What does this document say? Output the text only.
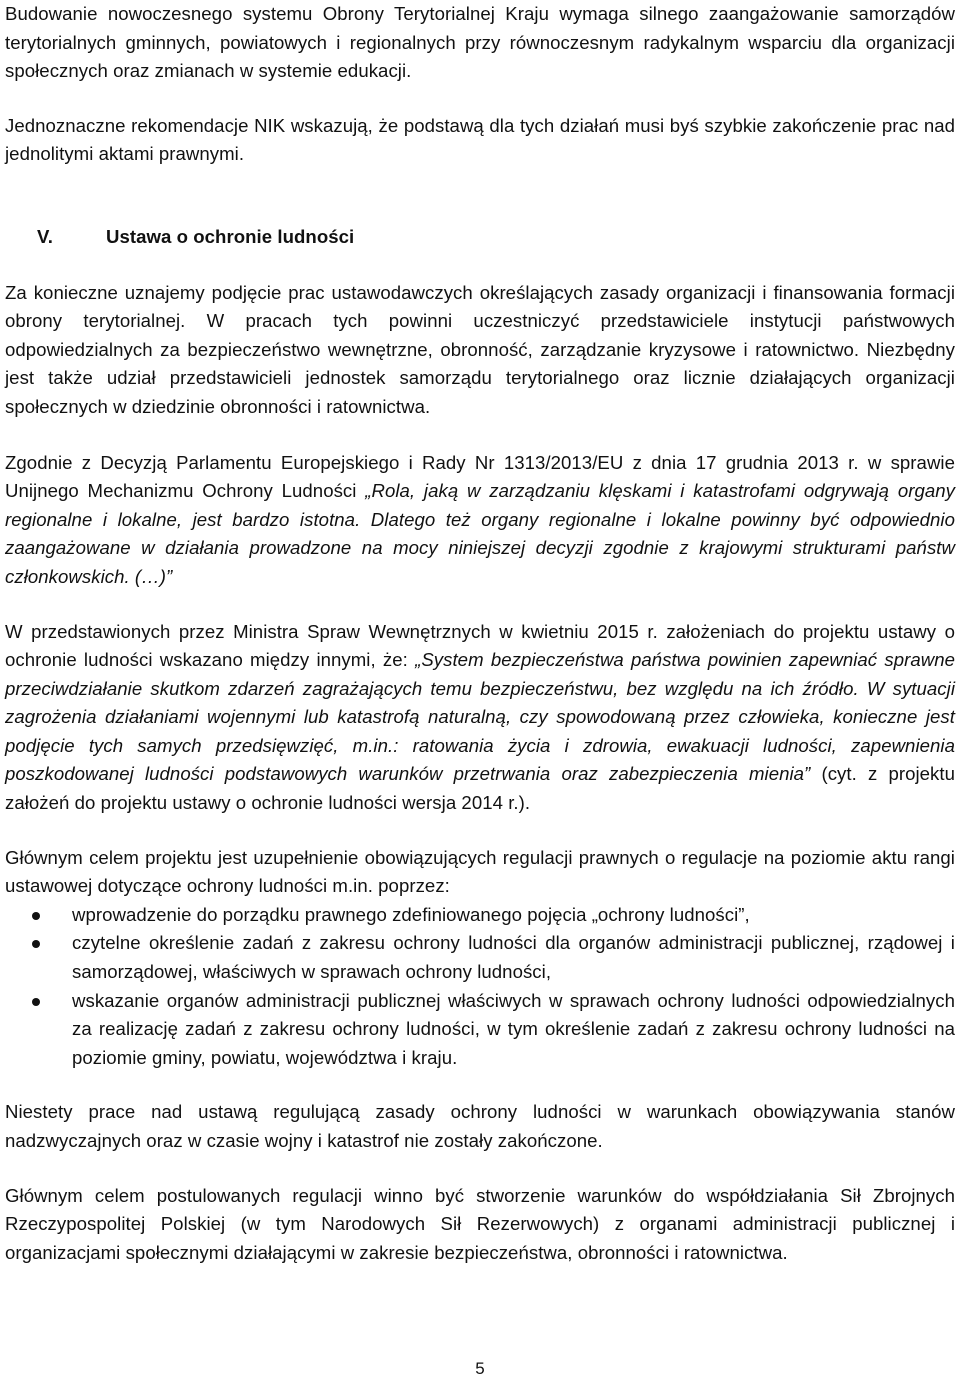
Budowanie nowoczesnego systemu Obrony Terytorialnej Kraju wymaga silnego zaangażowanie samorządów terytorialnych gminnych, powiatowych i regionalnych przy równoczesnym radykalnym wsparciu dla organizacji społecznych oraz zmianach w systemie edukacji.

Jednoznaczne rekomendacje NIK wskazują, że podstawą dla tych działań musi byś szybkie zakończenie prac nad jednolitymi aktami prawnymi.

V.	Ustawa o ochronie ludności

Za konieczne uznajemy podjęcie prac ustawodawczych określających zasady organizacji i finansowania formacji obrony terytorialnej. W pracach tych powinni uczestniczyć przedstawiciele instytucji państwowych odpowiedzialnych za bezpieczeństwo wewnętrzne, obronność, zarządzanie kryzysowe i ratownictwo. Niezbędny jest także udział przedstawicieli jednostek samorządu terytorialnego oraz licznie działających organizacji społecznych w dziedzinie obronności i ratownictwa.

Zgodnie z Decyzją Parlamentu Europejskiego i Rady Nr 1313/2013/EU z dnia 17 grudnia 2013 r. w sprawie Unijnego Mechanizmu Ochrony Ludności „Rola, jaką w zarządzaniu klęskami i katastrofami odgrywają organy regionalne i lokalne, jest bardzo istotna. Dlatego też organy regionalne i lokalne powinny być odpowiednio zaangażowane w działania prowadzone na mocy niniejszej decyzji zgodnie z krajowymi strukturami państw członkowskich. (…)”

W przedstawionych przez Ministra Spraw Wewnętrznych w kwietniu 2015 r. założeniach do projektu ustawy o ochronie ludności wskazano między innymi, że: „System bezpieczeństwa państwa powinien zapewniać sprawne przeciwdziałanie skutkom zdarzeń zagrażających temu bezpieczeństwu, bez względu na ich źródło. W sytuacji zagrożenia działaniami wojennymi lub katastrofą naturalną, czy spowodowaną przez człowieka, konieczne jest podjęcie tych samych przedsięwzięć, m.in.: ratowania życia i zdrowia, ewakuacji ludności, zapewnienia poszkodowanej ludności podstawowych warunków przetrwania oraz zabezpieczenia mienia” (cyt. z projektu założeń do projektu ustawy o ochronie ludności wersja 2014 r.).

Głównym celem projektu jest uzupełnienie obowiązujących regulacji prawnych o regulacje na poziomie aktu rangi ustawowej dotyczące ochrony ludności m.in. poprzez:

wprowadzenie do porządku prawnego zdefiniowanego pojęcia „ochrony ludności”,
czytelne określenie zadań z zakresu ochrony ludności dla organów administracji publicznej, rządowej i samorządowej, właściwych w sprawach ochrony ludności,
wskazanie organów administracji publicznej właściwych w sprawach ochrony ludności odpowiedzialnych za realizację zadań z zakresu ochrony ludności, w tym określenie zadań z zakresu ochrony ludności na poziomie gminy, powiatu, województwa i kraju.

Niestety prace nad ustawą regulującą zasady ochrony ludności w warunkach obowiązywania stanów nadzwyczajnych oraz w czasie wojny i katastrof nie zostały zakończone.

Głównym celem postulowanych regulacji winno być stworzenie warunków do współdziałania Sił Zbrojnych Rzeczypospolitej Polskiej (w tym Narodowych Sił Rezerwowych) z organami administracji publicznej i organizacjami społecznymi działającymi w zakresie bezpieczeństwa, obronności i ratownictwa.

5
